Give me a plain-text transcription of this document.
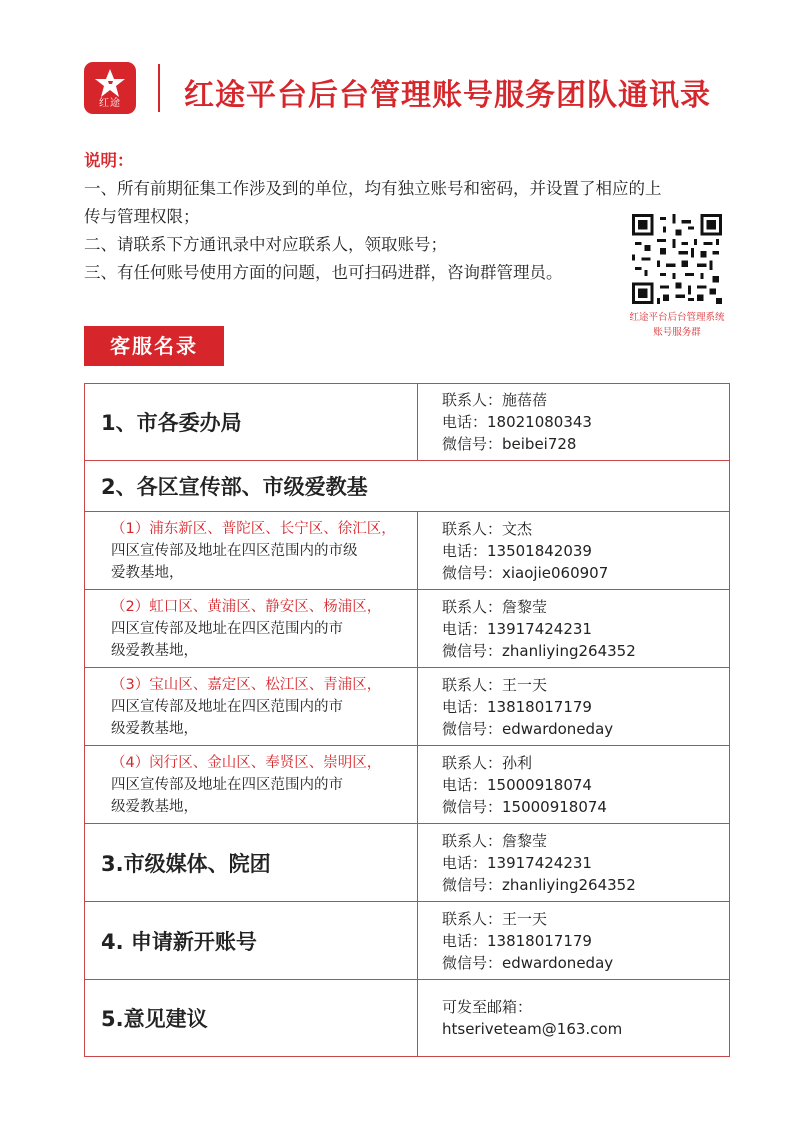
红途	红途平台后台管理账号服务团队通讯录
说明：
一、所有前期征集工作涉及到的单位，均有独立账号和密码，并设置了相应的上
传与管理权限；
二、请联系下方通讯录中对应联系人，领取账号；
三、有任何账号使用方面的问题，也可扫码进群，咨询群管理员。
红途平台后台管理系统
账号服务群
客服名录
1、市各委办局
联系人：施蓓蓓
电话：18021080343
微信号：beibei728
2、各区宣传部、市级爱教基
（1）浦东新区、普陀区、长宁区、徐汇区，
四区宣传部及地址在四区范围内的市级
爱教基地，
联系人：文杰
电话：13501842039
微信号：xiaojie060907
（2）虹口区、黄浦区、静安区、杨浦区，
四区宣传部及地址在四区范围内的市
级爱教基地，
联系人：詹黎莹
电话：13917424231
微信号：zhanliying264352
（3）宝山区、嘉定区、松江区、青浦区，
四区宣传部及地址在四区范围内的市
级爱教基地，
联系人：王一天
电话：13818017179
微信号：edwardoneday
（4）闵行区、金山区、奉贤区、崇明区，
四区宣传部及地址在四区范围内的市
级爱教基地，
联系人：孙利
电话：15000918074
微信号：15000918074
3.市级媒体、院团
联系人：詹黎莹
电话：13917424231
微信号：zhanliying264352
4. 申请新开账号
联系人：王一天
电话：13818017179
微信号：edwardoneday
5.意见建议	可发至邮箱：
htseriveteam@163.com
